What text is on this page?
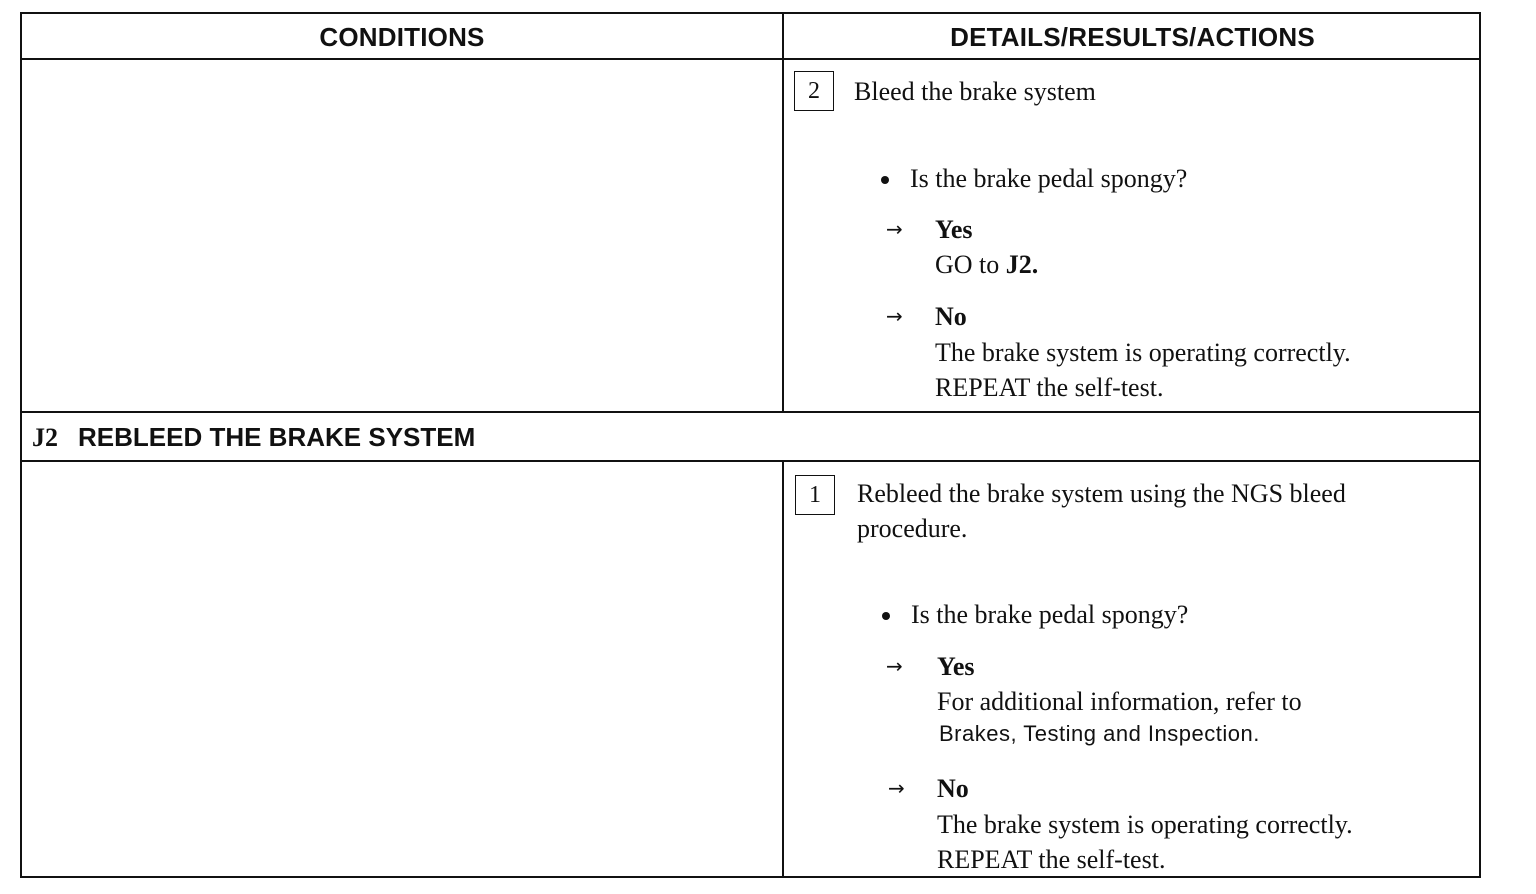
CONDITIONS	DETAILS/RESULTS/ACTIONS
2	Bleed the brake system
Is the brake pedal spongy?
→ Yes
GO to J2.
→ No
The brake system is operating correctly.
REPEAT the self-test.
J2 REBLEED THE BRAKE SYSTEM
1	Rebleed the brake system using the NGS bleed
procedure.
Is the brake pedal spongy?
→ Yes
For additional information, refer to
Brakes, Testing and Inspection.
→ No
The brake system is operating correctly.
REPEAT the self-test.
